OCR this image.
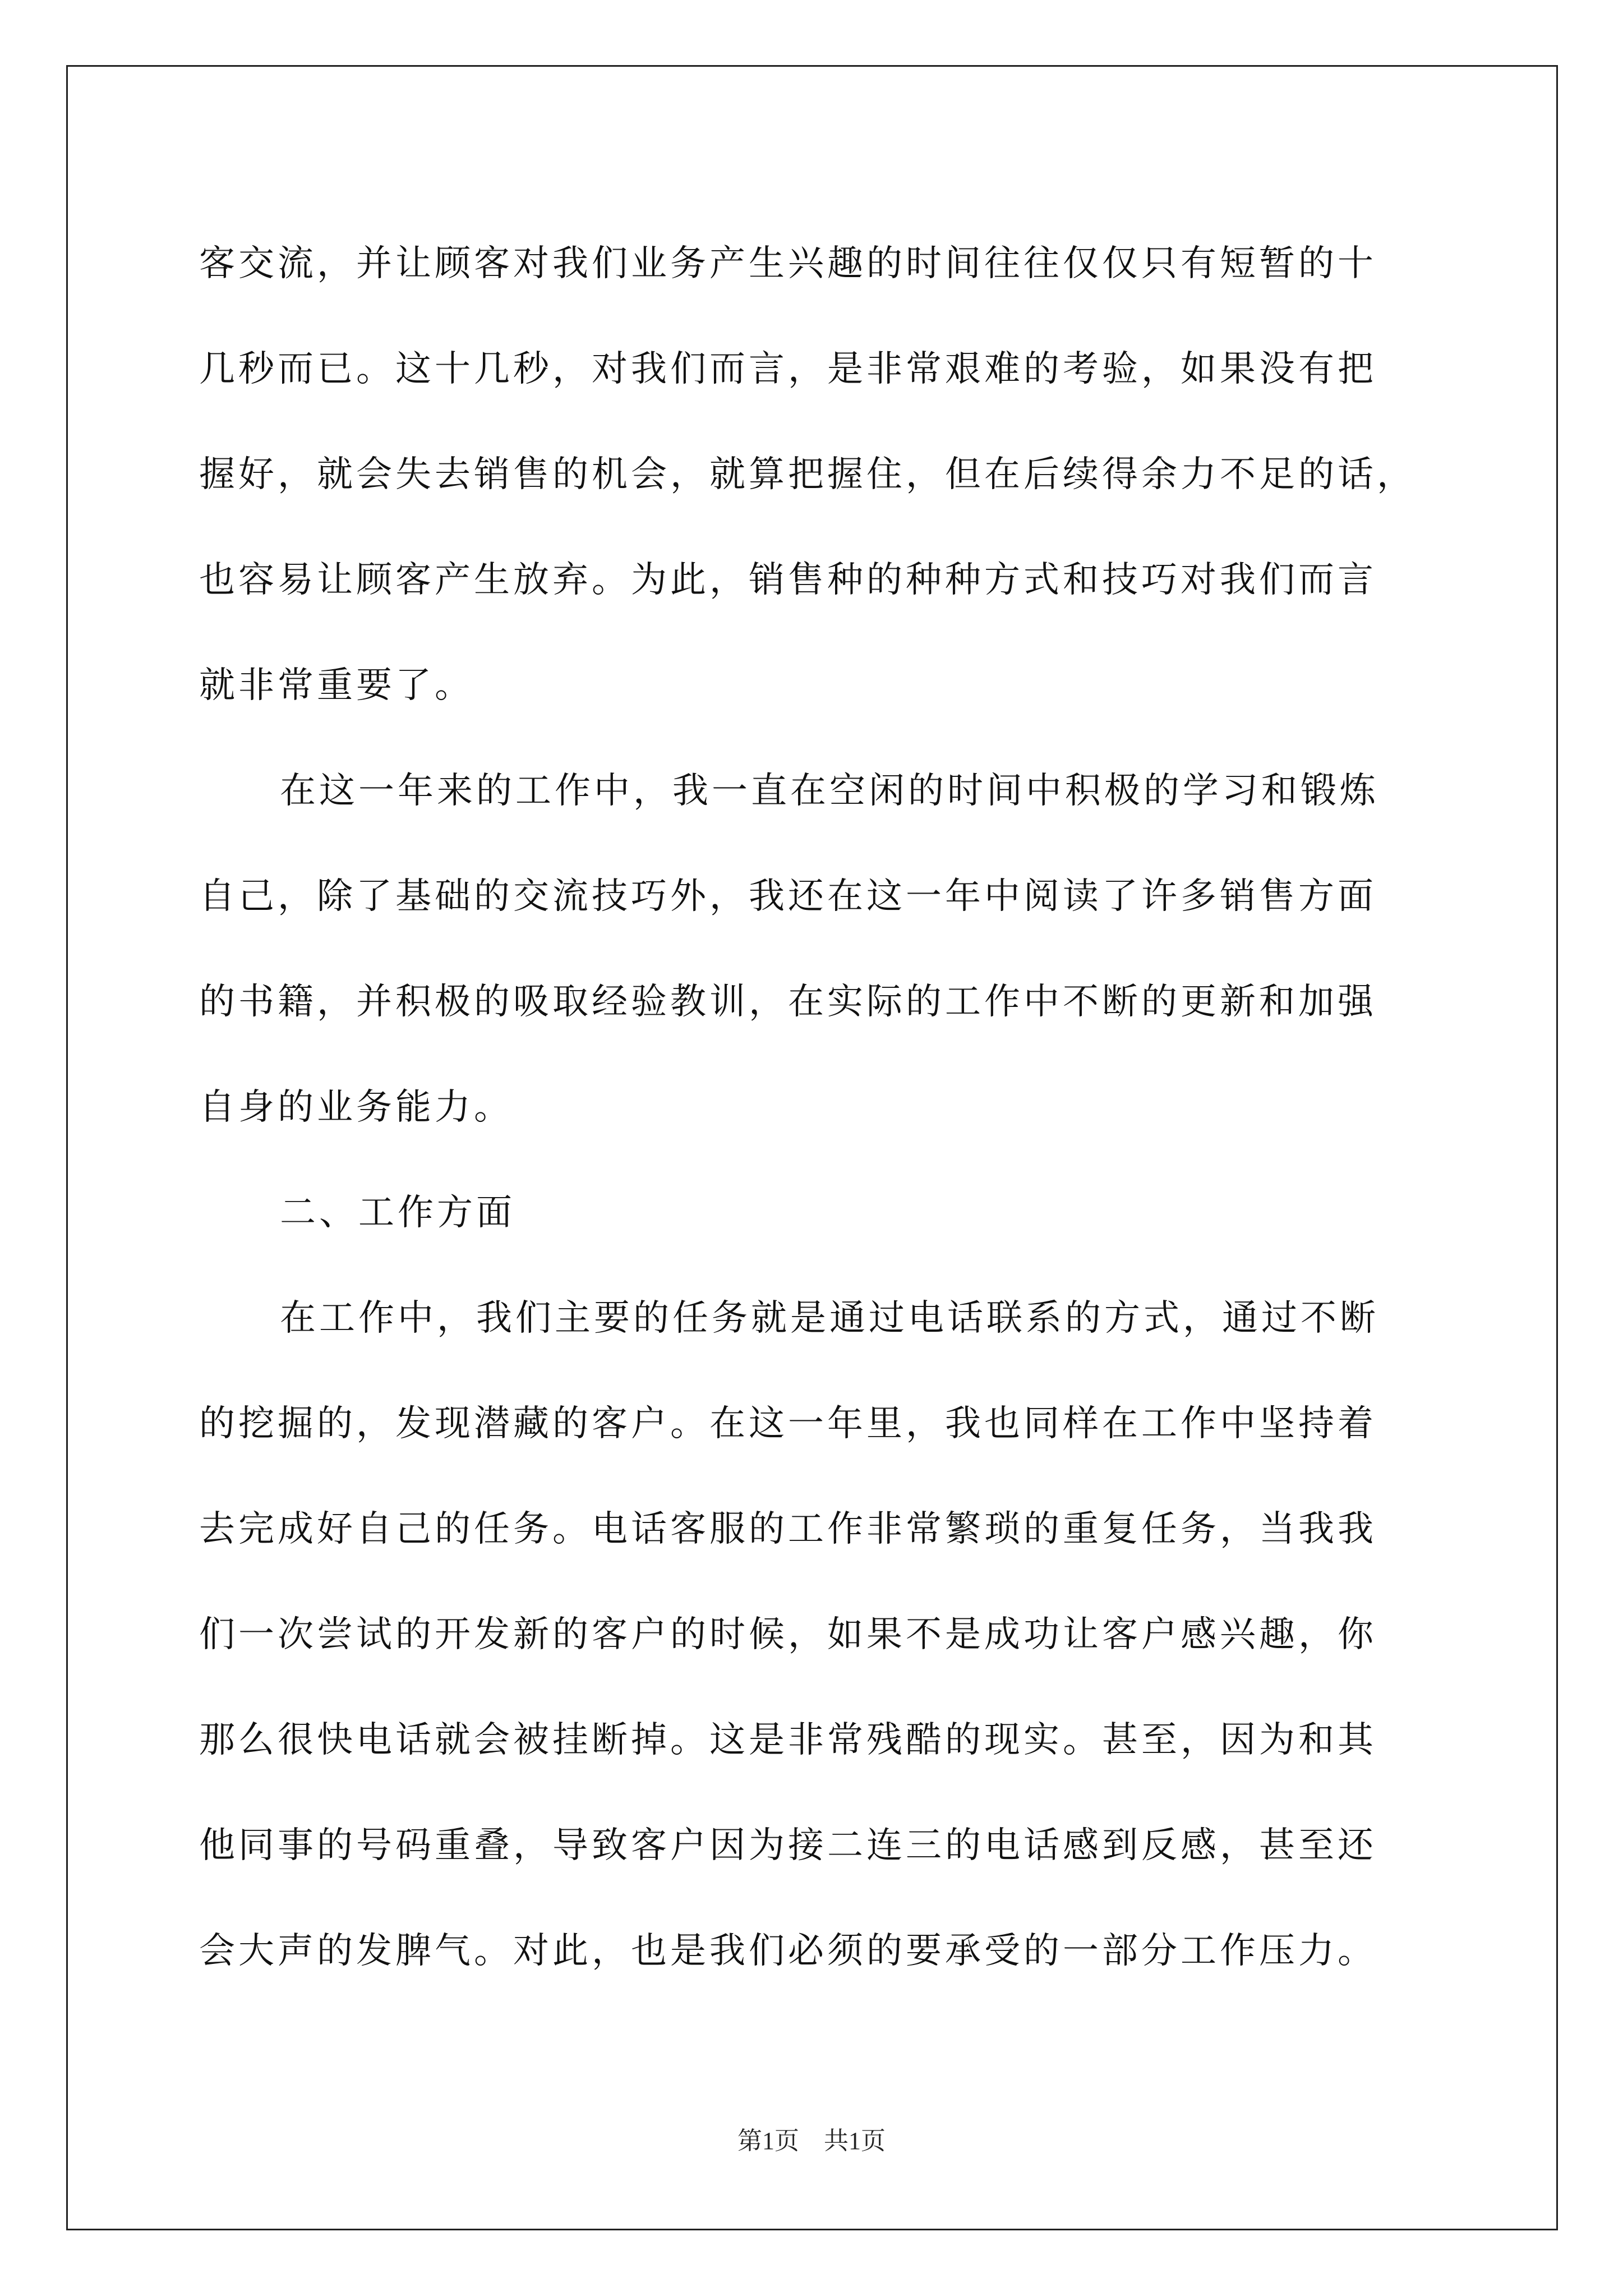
客交流，并让顾客对我们业务产生兴趣的时间往往仅仅只有短暂的十
几秒而已。这十几秒，对我们而言，是非常艰难的考验，如果没有把
握好，就会失去销售的机会，就算把握住，但在后续得余力不足的话，
也容易让顾客产生放弃。为此，销售种的种种方式和技巧对我们而言
就非常重要了。
在这一年来的工作中，我一直在空闲的时间中积极的学习和锻炼
自己，除了基础的交流技巧外，我还在这一年中阅读了许多销售方面
的书籍，并积极的吸取经验教训，在实际的工作中不断的更新和加强
自身的业务能力。
二、工作方面
在工作中，我们主要的任务就是通过电话联系的方式，通过不断
的挖掘的，发现潜藏的客户。在这一年里，我也同样在工作中坚持着
去完成好自己的任务。电话客服的工作非常繁琐的重复任务，当我我
们一次尝试的开发新的客户的时候，如果不是成功让客户感兴趣，你
那么很快电话就会被挂断掉。这是非常残酷的现实。甚至，因为和其
他同事的号码重叠，导致客户因为接二连三的电话感到反感，甚至还
会大声的发脾气。对此，也是我们必须的要承受的一部分工作压力。
第1页　共1页
